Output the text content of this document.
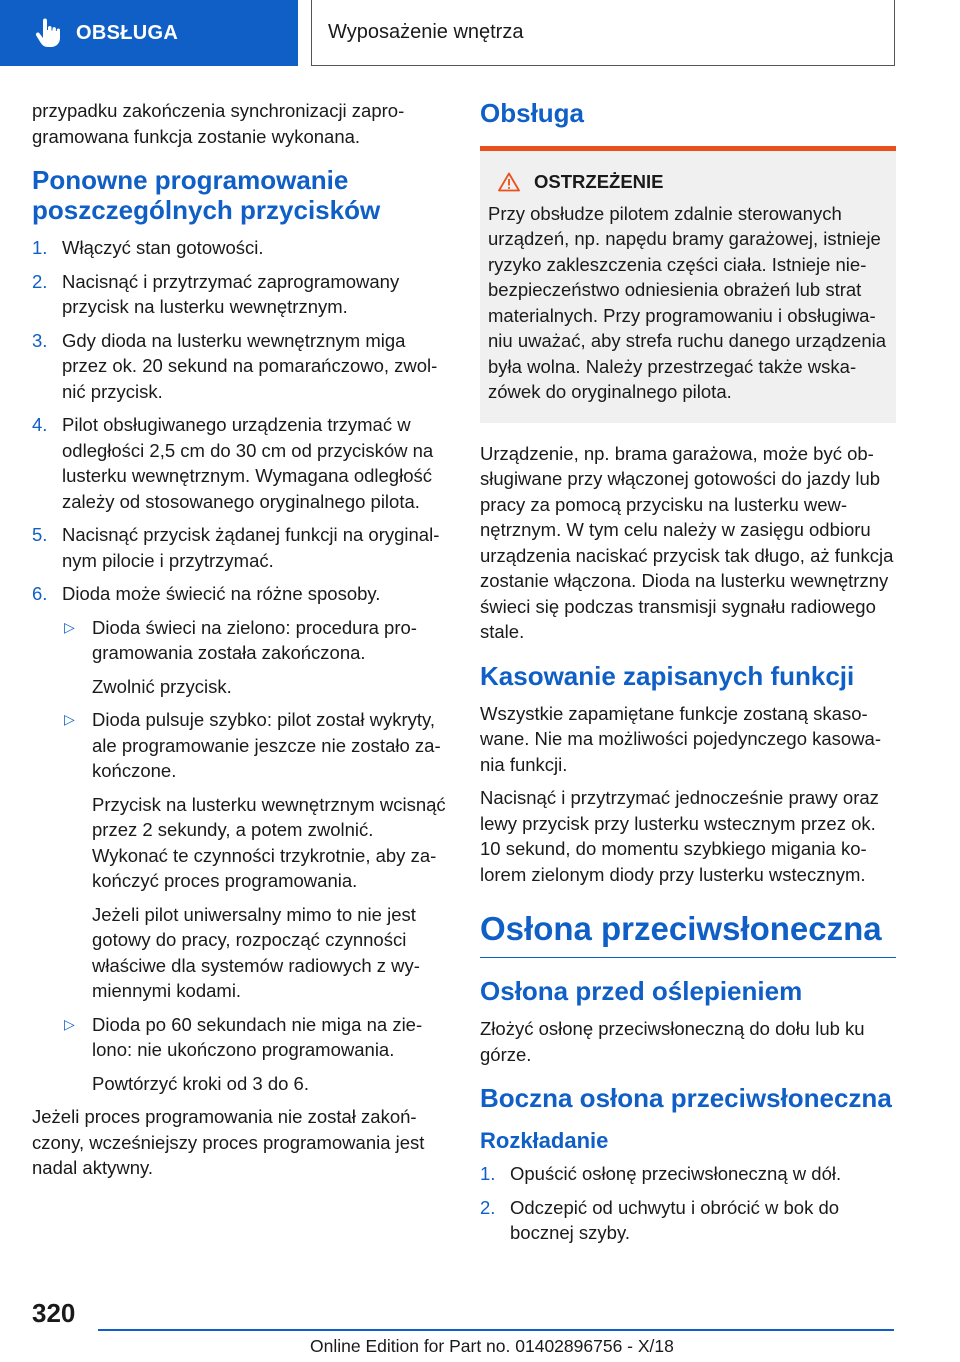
OBSŁUGA	Wyposażenie wnętrza

przypadku zakończenia synchronizacji zaprogramowana funkcja zostanie wykonana.

Ponowne programowanie poszczególnych przycisków
1. Włączyć stan gotowości.
2. Nacisnąć i przytrzymać zaprogramowany przycisk na lusterku wewnętrznym.
3. Gdy dioda na lusterku wewnętrznym miga przez ok. 20 sekund na pomarańczowo, zwolnić przycisk.
4. Pilot obsługiwanego urządzenia trzymać w odległości 2,5 cm do 30 cm od przycisków na lusterku wewnętrznym. Wymagana odległość zależy od stosowanego oryginalnego pilota.
5. Nacisnąć przycisk żądanej funkcji na oryginalnym pilocie i przytrzymać.
6. Dioda może świecić na różne sposoby.
▷ Dioda świeci na zielono: procedura programowania została zakończona.

Zwolnić przycisk.

▷ Dioda pulsuje szybko: pilot został wykryty, ale programowanie jeszcze nie zostało zakończone.

Przycisk na lusterku wewnętrznym wcisnąć przez 2 sekundy, a potem zwolnić. Wykonać te czynności trzykrotnie, aby zakończyć proces programowania.

Jeżeli pilot uniwersalny mimo to nie jest gotowy do pracy, rozpocząć czynności właściwe dla systemów radiowych z wymiennymi kodami.

▷ Dioda po 60 sekundach nie miga na zielono: nie ukończono programowania.

Powtórzyć kroki od 3 do 6.

Jeżeli proces programowania nie został zakończony, wcześniejszy proces programowania jest nadal aktywny.

Obsługa
OSTRZEŻENIE
Przy obsłudze pilotem zdalnie sterowanych urządzeń, np. napędu bramy garażowej, istnieje ryzyko zakleszczenia części ciała. Istnieje niebezpieczeństwo odniesienia obrażeń lub strat materialnych. Przy programowaniu i obsługiwaniu uważać, aby strefa ruchu danego urządzenia była wolna. Należy przestrzegać także wskazówek do oryginalnego pilota.

Urządzenie, np. brama garażowa, może być obsługiwane przy włączonej gotowości do jazdy lub pracy za pomocą przycisku na lusterku wewnętrznym. W tym celu należy w zasięgu odbioru urządzenia naciskać przycisk tak długo, aż funkcja zostanie włączona. Dioda na lusterku wewnętrzny świeci się podczas transmisji sygnału radiowego stale.

Kasowanie zapisanych funkcji

Wszystkie zapamiętane funkcje zostaną skasowane. Nie ma możliwości pojedynczego kasowania funkcji.

Nacisnąć i przytrzymać jednocześnie prawy oraz lewy przycisk przy lusterku wstecznym przez ok. 10 sekund, do momentu szybkiego migania kolorem zielonym diody przy lusterku wstecznym.

Osłona przeciwsłoneczna
Osłona przed oślepieniem

Złożyć osłonę przeciwsłoneczną do dołu lub ku górze.

Boczna osłona przeciwsłoneczna
Rozkładanie
1. Opuścić osłonę przeciwsłoneczną w dół.
2. Odczepić od uchwytu i obrócić w bok do bocznej szyby.
320
Online Edition for Part no. 01402896756 - X/18
